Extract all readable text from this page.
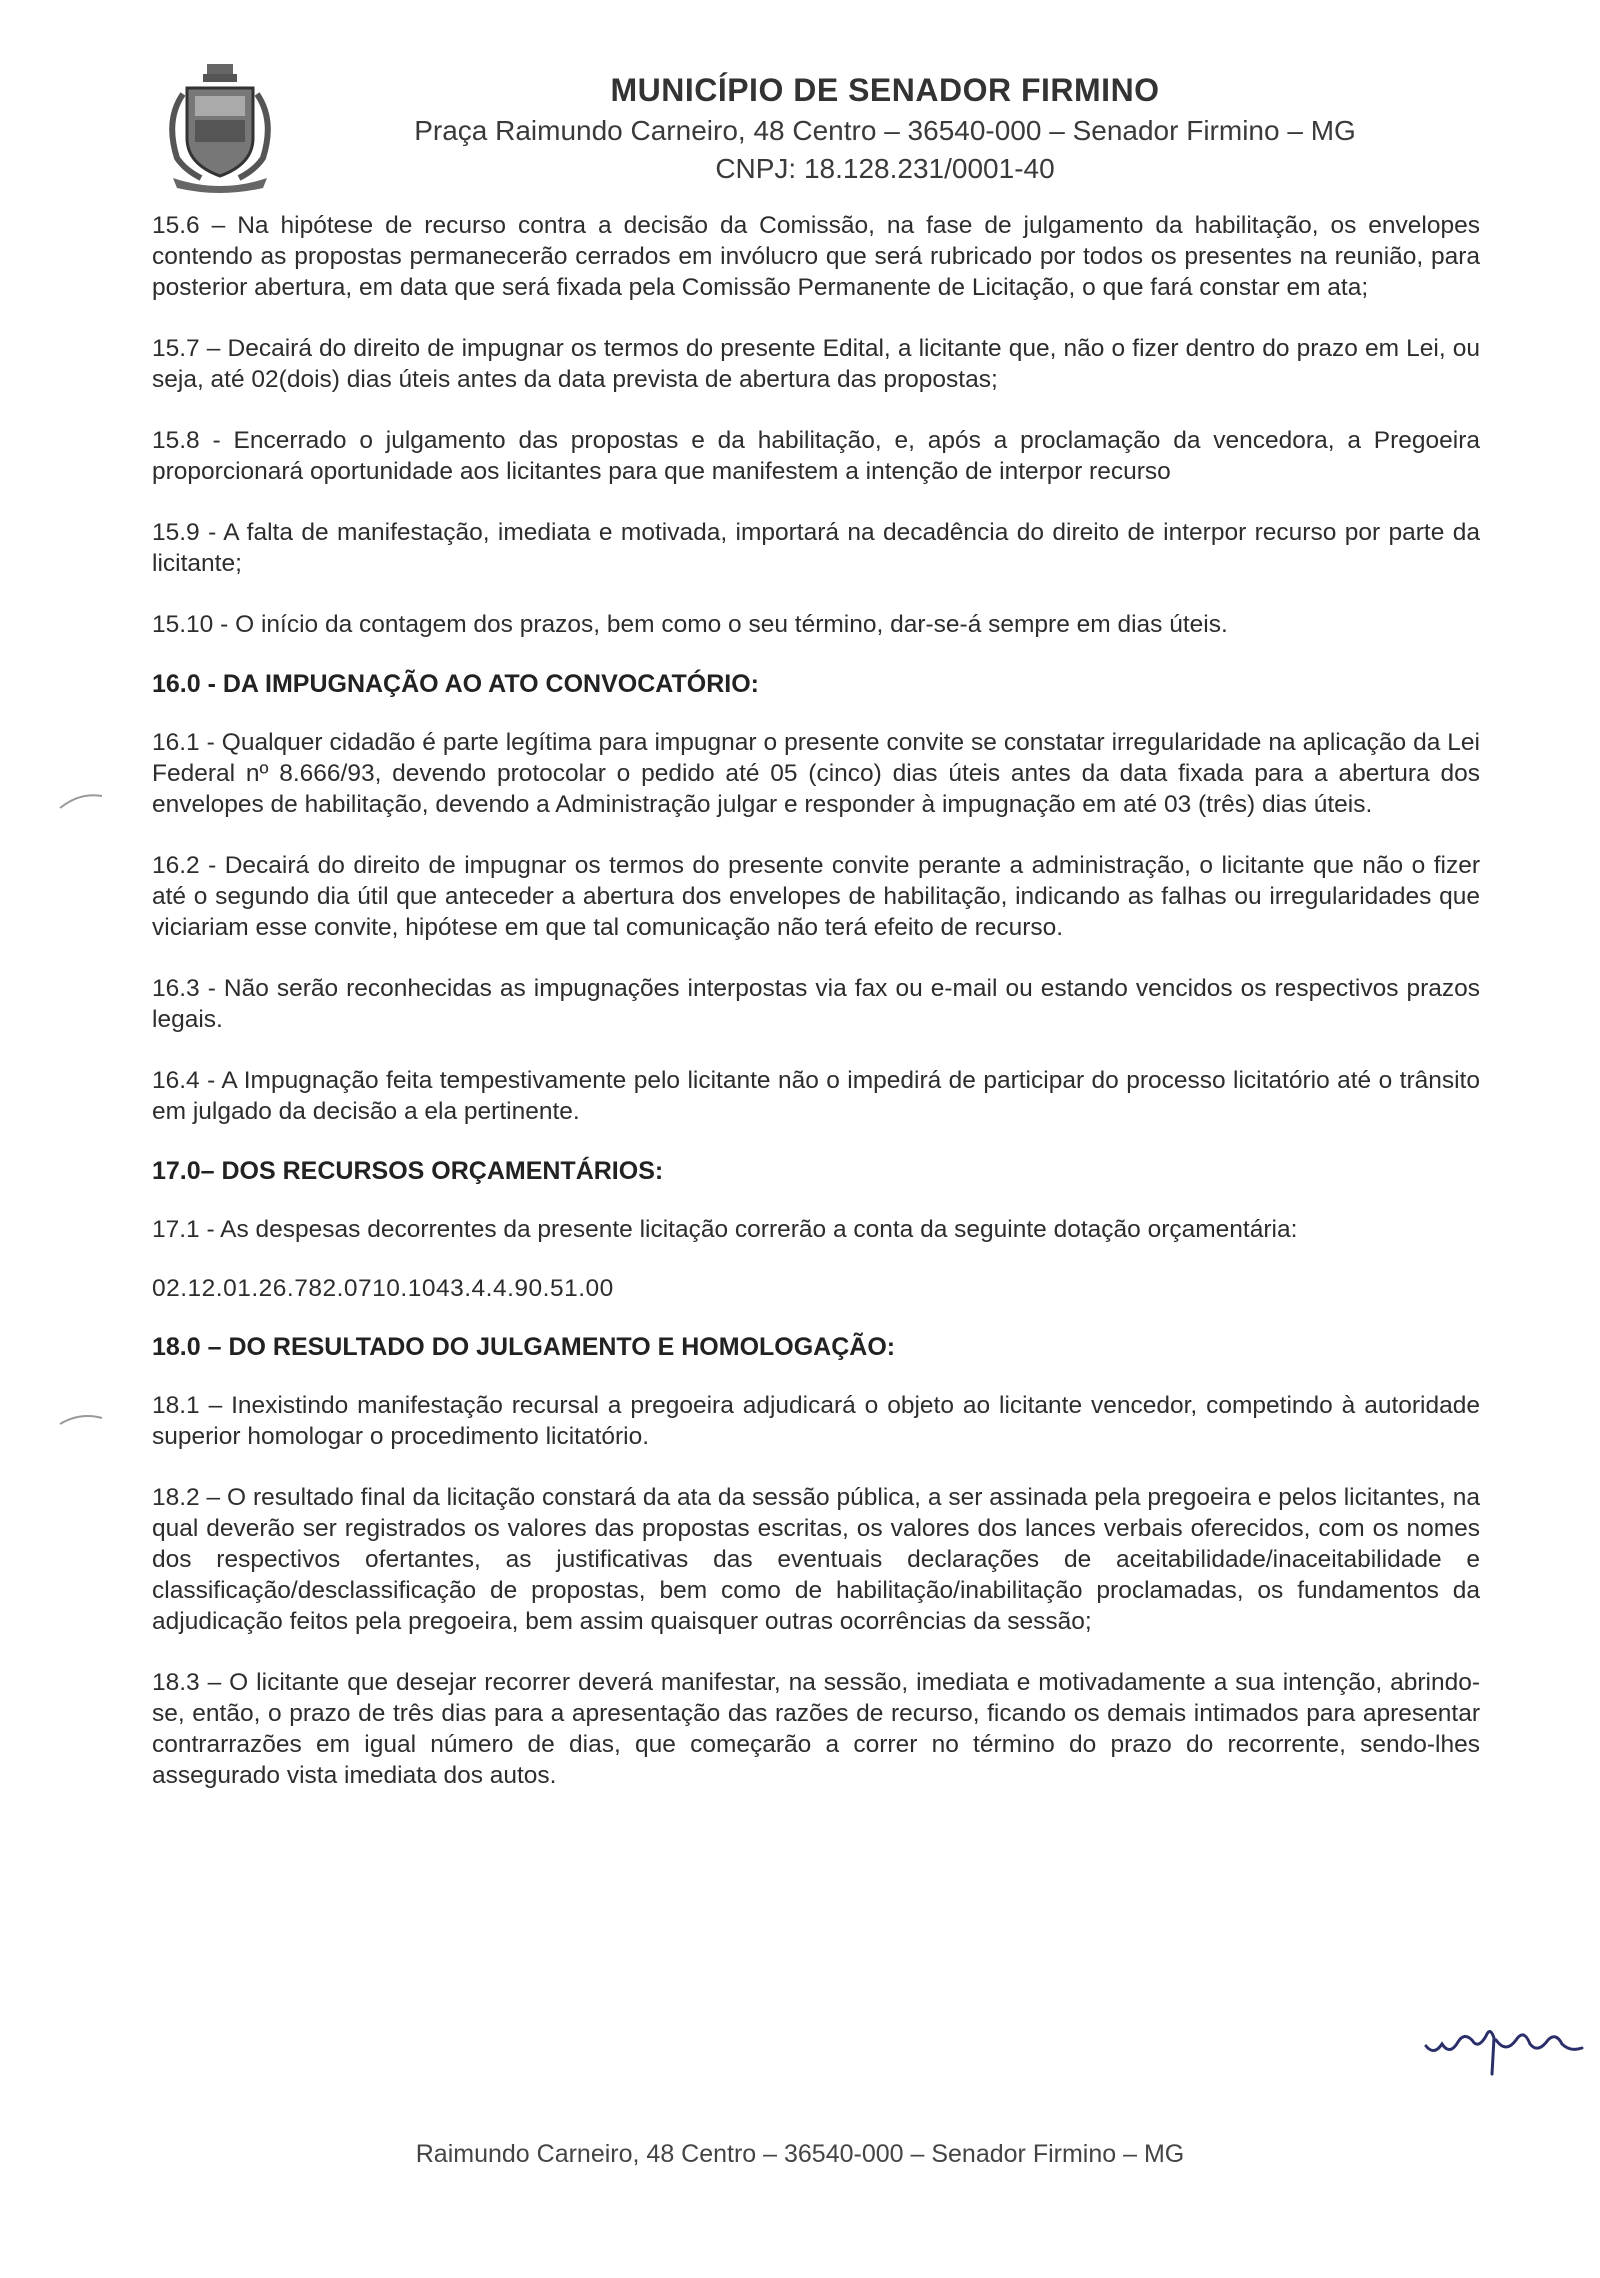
MUNICÍPIO DE SENADOR FIRMINO
Praça Raimundo Carneiro, 48 Centro – 36540-000 – Senador Firmino – MG
CNPJ: 18.128.231/0001-40

15.6 – Na hipótese de recurso contra a decisão da Comissão, na fase de julgamento da habilitação, os envelopes contendo as propostas permanecerão cerrados em invólucro que será rubricado por todos os presentes na reunião, para posterior abertura, em data que será fixada pela Comissão Permanente de Licitação, o que fará constar em ata;

15.7 – Decairá do direito de impugnar os termos do presente Edital, a licitante que, não o fizer dentro do prazo em Lei, ou seja, até 02(dois) dias úteis antes da data prevista de abertura das propostas;

15.8 - Encerrado o julgamento das propostas e da habilitação, e, após a proclamação da vencedora, a Pregoeira proporcionará oportunidade aos licitantes para que manifestem a intenção de interpor recurso

15.9 - A falta de manifestação, imediata e motivada, importará na decadência do direito de interpor recurso por parte da licitante;

15.10 - O início da contagem dos prazos, bem como o seu término, dar-se-á sempre em dias úteis.

16.0 - DA IMPUGNAÇÃO AO ATO CONVOCATÓRIO:

16.1 - Qualquer cidadão é parte legítima para impugnar o presente convite se constatar irregularidade na aplicação da Lei Federal nº 8.666/93, devendo protocolar o pedido até 05 (cinco) dias úteis antes da data fixada para a abertura dos envelopes de habilitação, devendo a Administração julgar e responder à impugnação em até 03 (três) dias úteis.

16.2 - Decairá do direito de impugnar os termos do presente convite perante a administração, o licitante que não o fizer até o segundo dia útil que anteceder a abertura dos envelopes de habilitação, indicando as falhas ou irregularidades que viciariam esse convite, hipótese em que tal comunicação não terá efeito de recurso.

16.3 - Não serão reconhecidas as impugnações interpostas via fax ou e-mail ou estando vencidos os respectivos prazos legais.

16.4 - A Impugnação feita tempestivamente pelo licitante não o impedirá de participar do processo licitatório até o trânsito em julgado da decisão a ela pertinente.

17.0– DOS RECURSOS ORÇAMENTÁRIOS:

17.1 - As despesas decorrentes da presente licitação correrão a conta da seguinte dotação orçamentária:

02.12.01.26.782.0710.1043.4.4.90.51.00
18.0 – DO RESULTADO DO JULGAMENTO E HOMOLOGAÇÃO:

18.1 – Inexistindo manifestação recursal a pregoeira adjudicará o objeto ao licitante vencedor, competindo à autoridade superior homologar o procedimento licitatório.

18.2 – O resultado final da licitação constará da ata da sessão pública, a ser assinada pela pregoeira e pelos licitantes, na qual deverão ser registrados os valores das propostas escritas, os valores dos lances verbais oferecidos, com os nomes dos respectivos ofertantes, as justificativas das eventuais declarações de aceitabilidade/inaceitabilidade e classificação/desclassificação de propostas, bem como de habilitação/inabilitação proclamadas, os fundamentos da adjudicação feitos pela pregoeira, bem assim quaisquer outras ocorrências da sessão;

18.3 – O licitante que desejar recorrer deverá manifestar, na sessão, imediata e motivadamente a sua intenção, abrindo-se, então, o prazo de três dias para a apresentação das razões de recurso, ficando os demais intimados para apresentar contrarrazões em igual número de dias, que começarão a correr no término do prazo do recorrente, sendo-lhes assegurado vista imediata dos autos.

Raimundo Carneiro, 48 Centro – 36540-000 – Senador Firmino – MG
